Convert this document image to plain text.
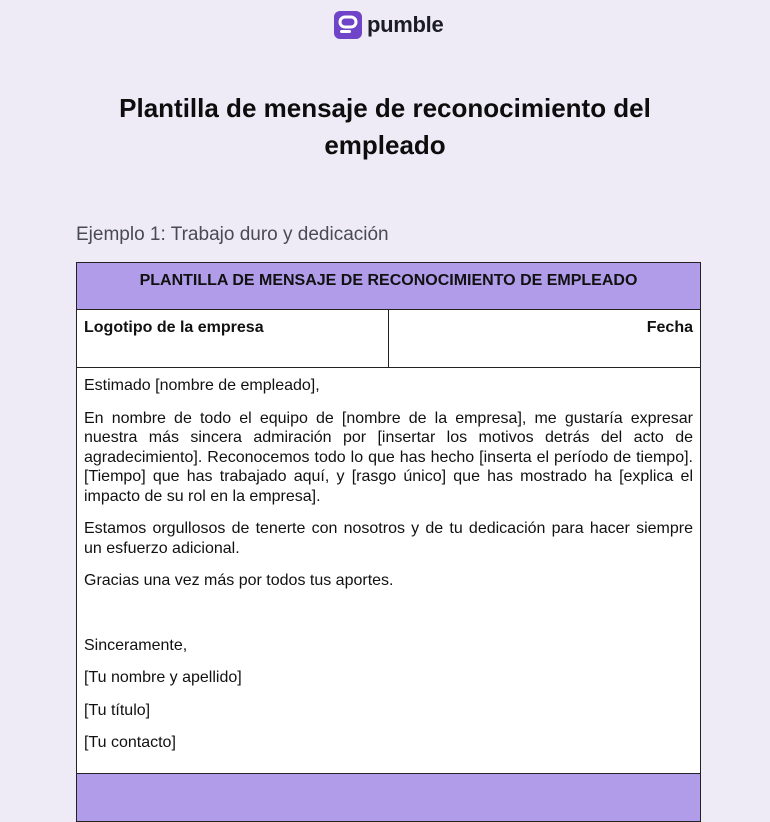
pumble
Plantilla de mensaje de reconocimiento del empleado
Ejemplo 1: Trabajo duro y dedicación
PLANTILLA DE MENSAJE DE RECONOCIMIENTO DE EMPLEADO
Logotipo de la empresa	Fecha

Estimado [nombre de empleado],

En nombre de todo el equipo de [nombre de la empresa], me gustaría expresar nuestra más sincera admiración por [insertar los motivos detrás del acto de agradecimiento]. Reconocemos todo lo que has hecho [inserta el período de tiempo]. [Tiempo] que has trabajado aquí, y [rasgo único] que has mostrado ha [explica el impacto de su rol en la empresa].

Estamos orgullosos de tenerte con nosotros y de tu dedicación para hacer siempre un esfuerzo adicional.

Gracias una vez más por todos tus aportes.

Sinceramente,

[Tu nombre y apellido]

[Tu título]

[Tu contacto]
